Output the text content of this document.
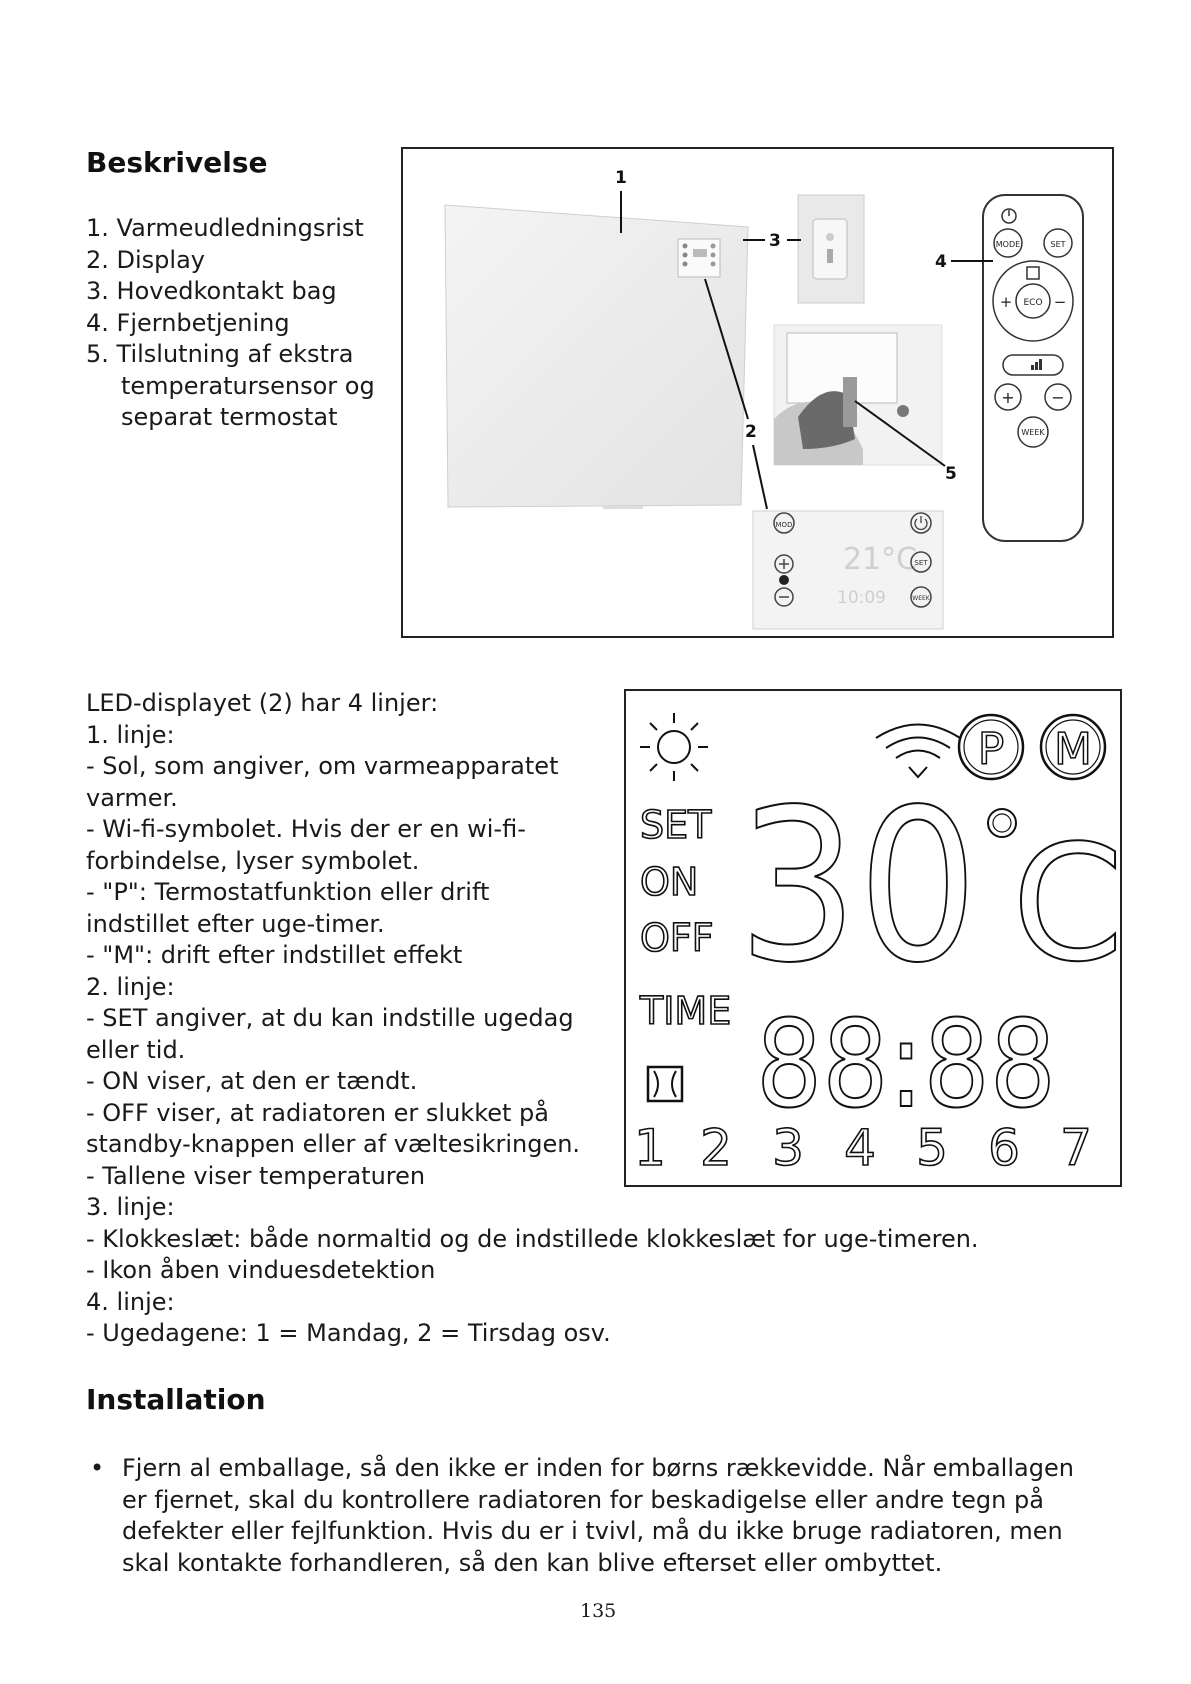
Beskrivelse
1. Varmeudledningsrist
2. Display
3. Hovedkontakt bag
4. Fjernbetjening
5. Tilslutning af ekstra
temperatursensor og
separat termostat
1
3
5
2
MOD
21°C
10:09
SET
WEEK
MODE	SET
ECO
+	−
+ −
WEEK
4
LED-displayet (2) har 4 linjer:
1. linje:
- Sol, som angiver, om varmeapparatet
varmer.
- Wi-fi-symbolet. Hvis der er en wi-fi-
forbindelse, lyser symbolet.
- "P": Termostatfunktion eller drift
indstillet efter uge-timer.
- "M": drift efter indstillet effekt
2. linje:
- SET angiver, at du kan indstille ugedag
eller tid.
- ON viser, at den er tændt.
- OFF viser, at radiatoren er slukket på
standby-knappen eller af væltesikringen.
- Tallene viser temperaturen
3. linje:
- Klokkeslæt: både normaltid og de indstillede klokkeslæt for uge-timeren.
- Ikon åben vinduesdetektion
4. linje:
- Ugedagene: 1 = Mandag, 2 = Tirsdag osv.
P M
SET
ON
OFF 30 C
TIME 88:88
1 2 3 4 5 6 7
Installation
• Fjern al emballage, så den ikke er inden for børns rækkevidde. Når emballagen
er fjernet, skal du kontrollere radiatoren for beskadigelse eller andre tegn på
defekter eller fejlfunktion. Hvis du er i tvivl, må du ikke bruge radiatoren, men
skal kontakte forhandleren, så den kan blive efterset eller ombyttet.
135
